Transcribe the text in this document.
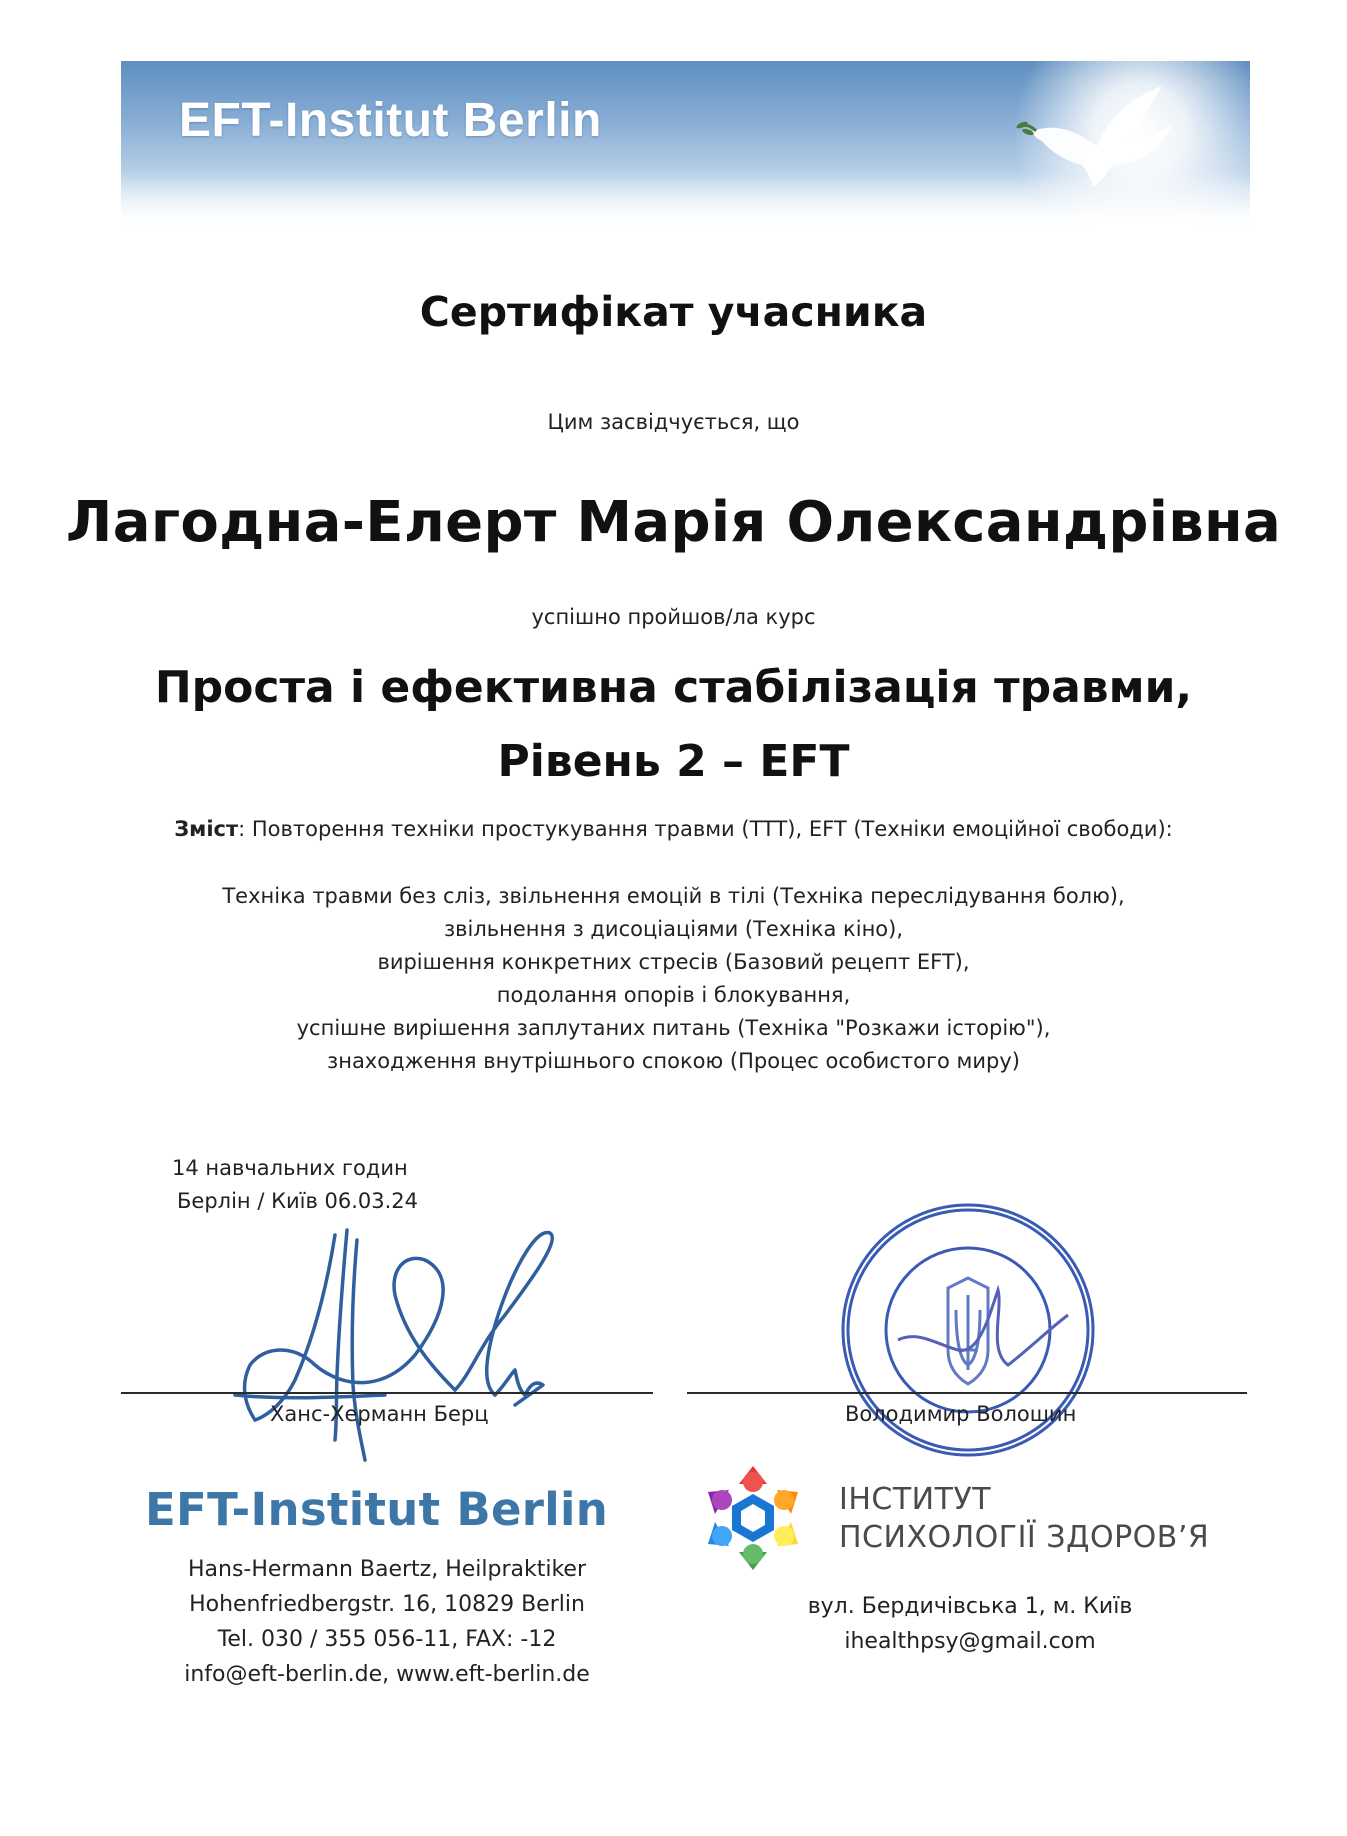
EFT-Institut Berlin
Сертифікат учасника
Цим засвідчується, що
Лагодна-Елерт Марія Олександрівна
успішно пройшов/ла курс
Проста і ефективна стабілізація травми,
Рівень 2 – EFT
Зміст: Повторення техніки простукування травми (TTT), EFT (Техніки емоційної свободи):
Техніка травми без сліз, звільнення емоцій в тілі (Техніка переслідування болю),
звільнення з дисоціаціями (Техніка кіно),
вирішення конкретних стресів (Базовий рецепт EFT),
подолання опорів і блокування,
успішне вирішення заплутаних питань (Техніка "Розкажи історію"),
знаходження внутрішнього спокою (Процес особистого миру)
14 навчальних годин
Берлін / Київ 06.03.24
Ханс-Херманн Берц	Володимир Волошин
EFT-Institut Berlin
Hans-Hermann Baertz, Heilpraktiker
Hohenfriedbergstr. 16, 10829 Berlin
Tel. 030 / 355 056-11, FAX: -12
info@eft-berlin.de, www.eft-berlin.de
ІНСТИТУТ
ПСИХОЛОГІЇ ЗДОРОВ’Я
вул. Бердичівська 1, м. Київ
ihealthpsy@gmail.com
